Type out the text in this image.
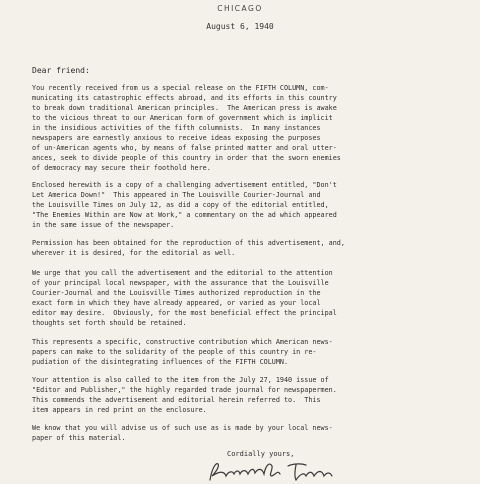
CHICAGO
August 6, 1940
Dear friend:
You recently received from us a special release on the FIFTH COLUMN, com-
municating its catastrophic effects abroad, and its efforts in this country
to break down traditional American principles.  The American press is awake
to the vicious threat to our American form of government which is implicit
in the insidious activities of the fifth columnists.  In many instances
newspapers are earnestly anxious to receive ideas exposing the purposes
of un-American agents who, by means of false printed matter and oral utter-
ances, seek to divide people of this country in order that the sworn enemies
of democracy may secure their foothold here.
Enclosed herewith is a copy of a challenging advertisement entitled, "Don't
Let America Down!"  This appeared in The Louisville Courier-Journal and
the Louisville Times on July 12, as did a copy of the editorial entitled,
"The Enemies Within are Now at Work," a commentary on the ad which appeared
in the same issue of the newspaper.
Permission has been obtained for the reproduction of this advertisement, and,
wherever it is desired, for the editorial as well.
We urge that you call the advertisement and the editorial to the attention
of your principal local newspaper, with the assurance that the Louisville
Courier-Journal and the Louisville Times authorized reproduction in the
exact form in which they have already appeared, or varied as your local
editor may desire.  Obviously, for the most beneficial effect the principal
thoughts set forth should be retained.
This represents a specific, constructive contribution which American news-
papers can make to the solidarity of the people of this country in re-
pudiation of the disintegrating influences of the FIFTH COLUMN.
Your attention is also called to the item from the July 27, 1940 issue of
"Editor and Publisher," the highly regarded trade journal for newspapermen.
This commends the advertisement and editorial herein referred to.  This
item appears in red print on the enclosure.
We know that you will advise us of such use as is made by your local news-
paper of this material.
Cordially yours,
